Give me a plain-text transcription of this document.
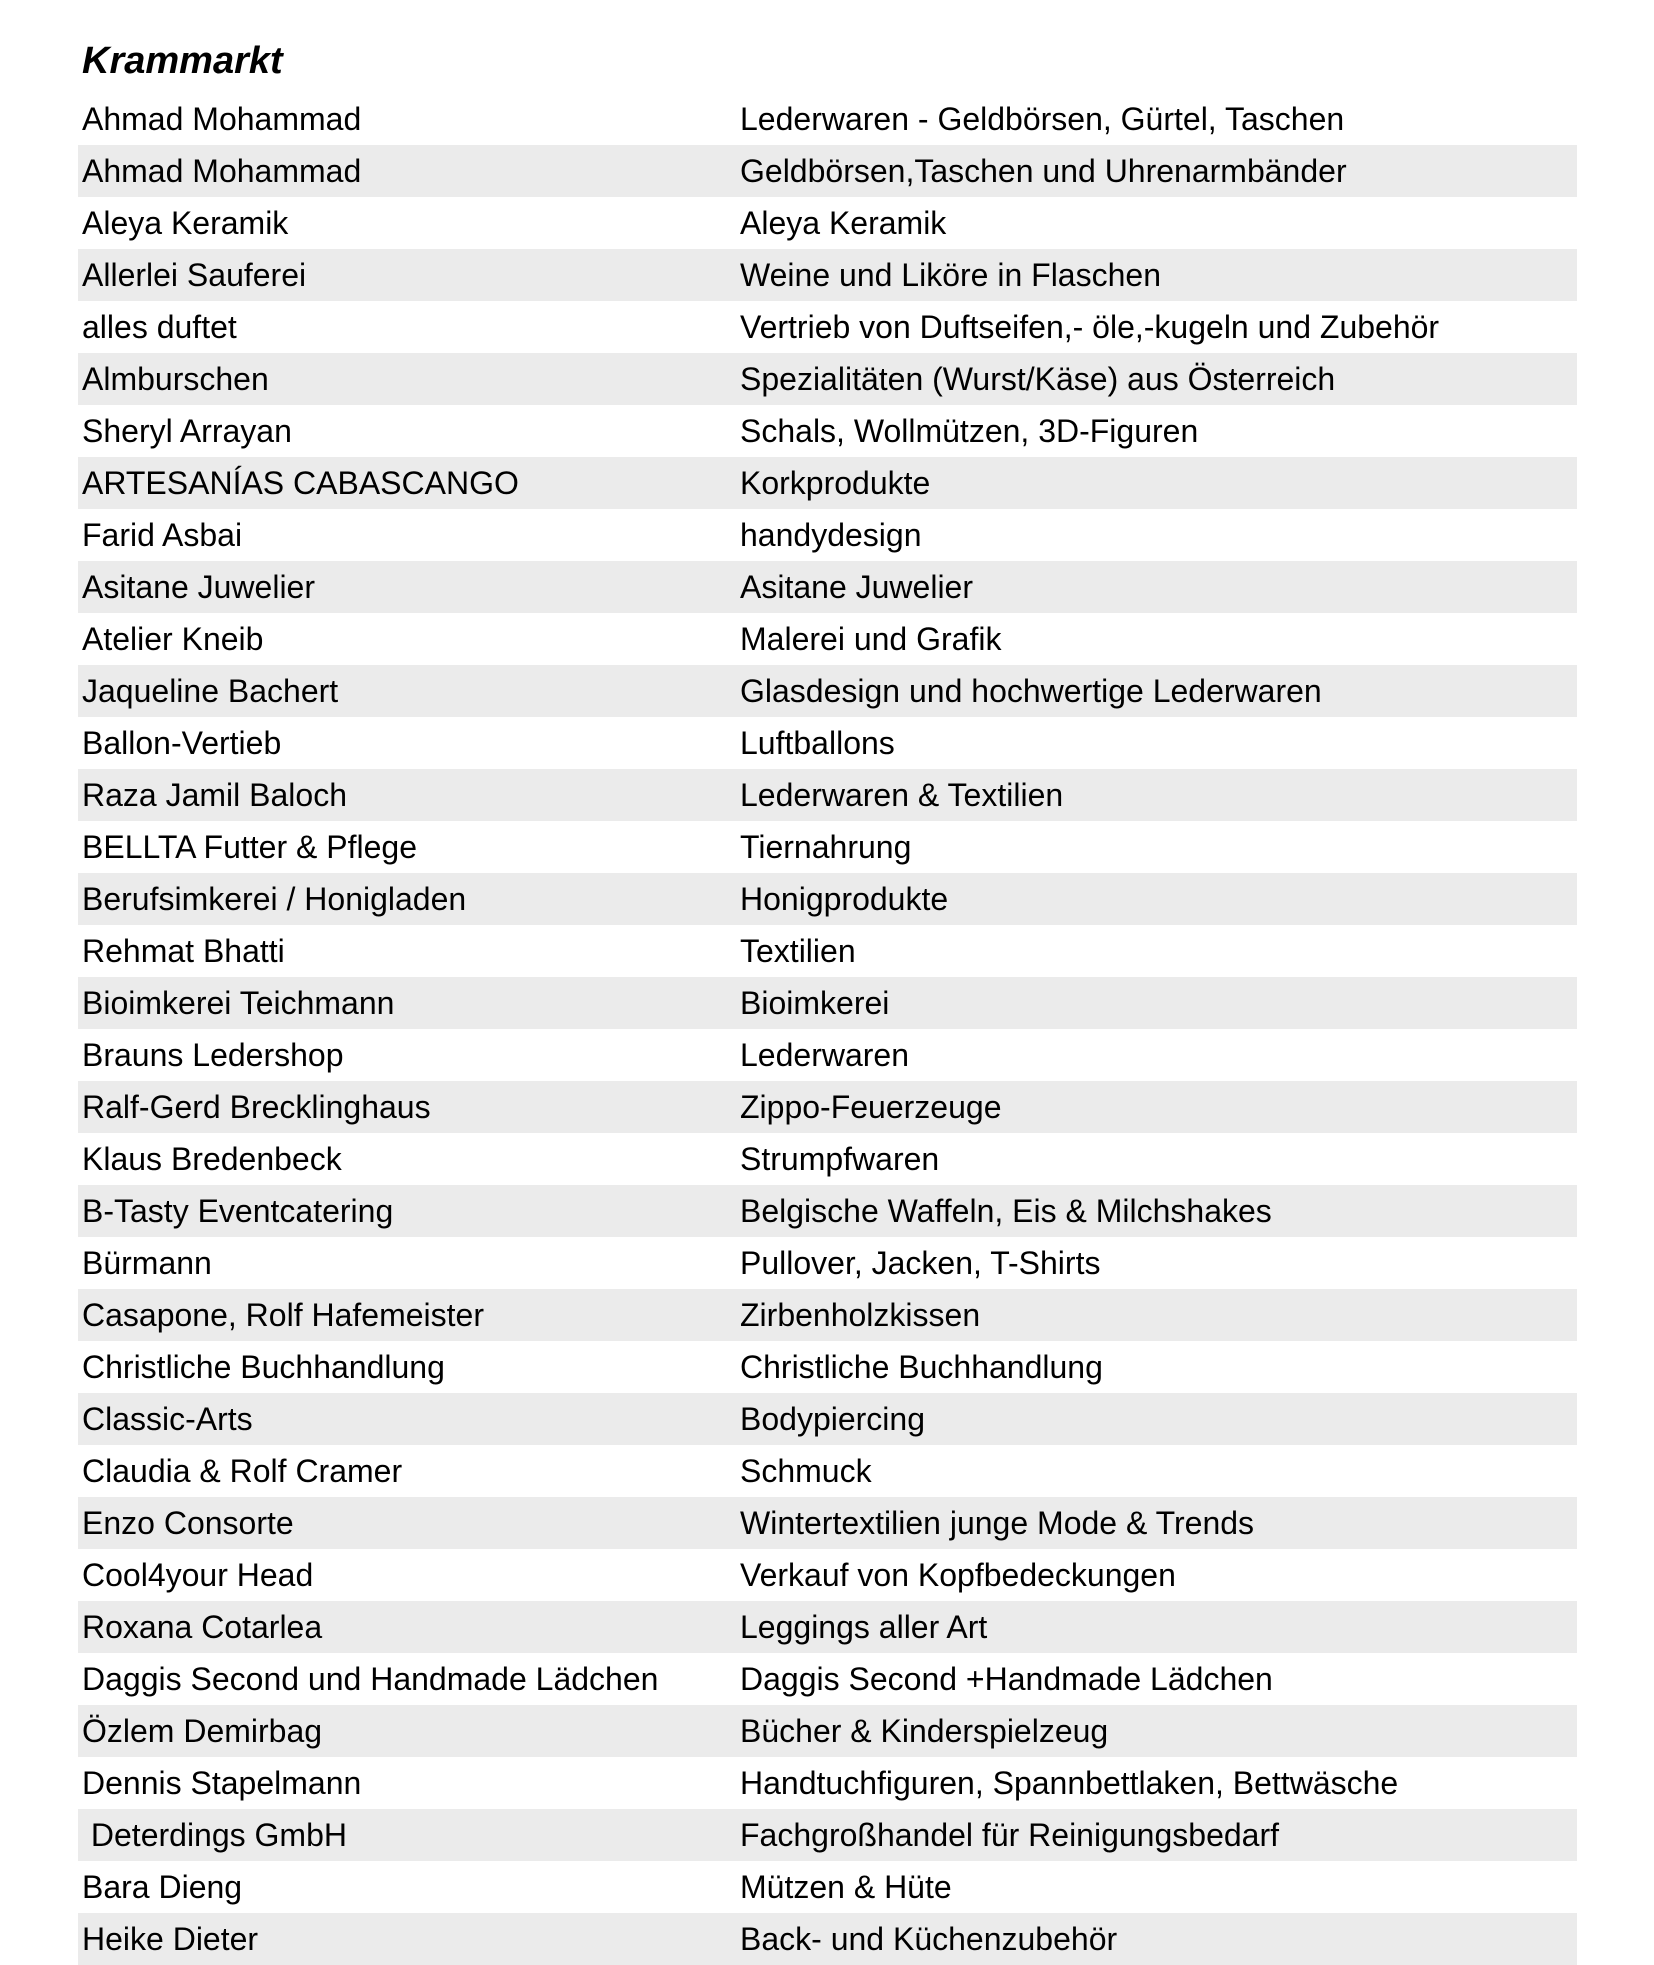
Krammarkt
Ahmad Mohammad	Lederwaren - Geldbörsen, Gürtel, Taschen
Ahmad Mohammad	Geldbörsen,Taschen und Uhrenarmbänder
Aleya Keramik	Aleya Keramik
Allerlei Sauferei	Weine und Liköre in Flaschen
alles duftet	Vertrieb von Duftseifen,- öle,-kugeln und Zubehör
Almburschen	Spezialitäten (Wurst/Käse) aus Österreich
Sheryl Arrayan	Schals, Wollmützen, 3D-Figuren
ARTESANÍAS CABASCANGO	Korkprodukte
Farid Asbai	handydesign
Asitane Juwelier	Asitane Juwelier
Atelier Kneib	Malerei und Grafik
Jaqueline Bachert	Glasdesign und hochwertige Lederwaren
Ballon-Vertieb	Luftballons
Raza Jamil Baloch	Lederwaren & Textilien
BELLTA Futter & Pflege	Tiernahrung
Berufsimkerei / Honigladen	Honigprodukte
Rehmat Bhatti	Textilien
Bioimkerei Teichmann	Bioimkerei
Brauns Ledershop	Lederwaren
Ralf-Gerd Brecklinghaus	Zippo-Feuerzeuge
Klaus Bredenbeck	Strumpfwaren
B-Tasty Eventcatering	Belgische Waffeln, Eis & Milchshakes
Bürmann	Pullover, Jacken, T-Shirts
Casapone, Rolf Hafemeister	Zirbenholzkissen
Christliche Buchhandlung	Christliche Buchhandlung
Classic-Arts	Bodypiercing
Claudia & Rolf Cramer	Schmuck
Enzo Consorte	Wintertextilien junge Mode & Trends
Cool4your Head	Verkauf von Kopfbedeckungen
Roxana Cotarlea	Leggings aller Art
Daggis Second und Handmade Lädchen	Daggis Second +Handmade Lädchen
Özlem Demirbag	Bücher & Kinderspielzeug
Dennis Stapelmann	Handtuchfiguren, Spannbettlaken, Bettwäsche
Deterdings GmbH	Fachgroßhandel für Reinigungsbedarf
Bara Dieng	Mützen & Hüte
Heike Dieter	Back- und Küchenzubehör
